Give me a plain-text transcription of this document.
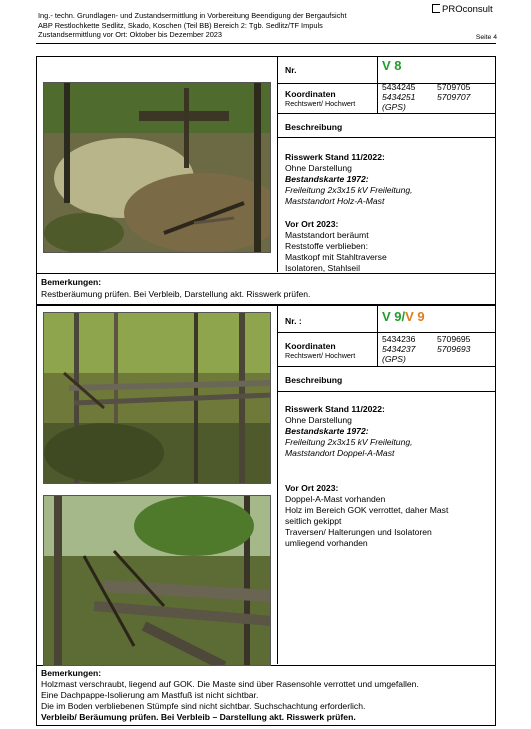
Ing.- techn. Grundlagen- und Zustandsermittlung in Vorbereitung Beendigung der Bergaufsicht
ABP Restlochkette Sedlitz, Skado, Koschen (Teil BB) Bereich 2: Tgb. Sedlitz/TF Impuls
Zustandsermittlung vor Ort: Oktober bis Dezember 2023
PROconsult
Seite 4
Nr.	V 8
Koordinaten
Rechtswert/ Hochwert
5434245	5709705
5434251	5709707
(GPS)
Beschreibung
Risswerk Stand 11/2022:
Ohne Darstellung
Bestandskarte 1972:
Freileitung 2x3x15 kV Freileitung,
Maststandort Holz-A-Mast
Vor Ort 2023:
Maststandort beräumt
Reststoffe verblieben:
Mastkopf mit Stahltraverse
Isolatoren, Stahlseil
Bemerkungen:
Restberäumung prüfen. Bei Verbleib, Darstellung akt. Risswerk prüfen.
Nr. :	V 9/V 9
Koordinaten
Rechtswert/ Hochwert
5434236	5709695
5434237	5709693
(GPS)
Beschreibung
Risswerk Stand 11/2022:
Ohne Darstellung
Bestandskarte 1972:
Freileitung 2x3x15 kV Freileitung,
Maststandort Doppel-A-Mast
Vor Ort 2023:
Doppel-A-Mast vorhanden
Holz im Bereich GOK verrottet, daher Mast
seitlich gekippt
Traversen/ Halterungen und Isolatoren
umliegend vorhanden
Bemerkungen:
Holzmast verschraubt, liegend auf GOK. Die Maste sind über Rasensohle verrottet und umgefallen.
Eine Dachpappe-Isolierung am Mastfuß ist nicht sichtbar.
Die im Boden verbliebenen Stümpfe sind nicht sichtbar. Suchschachtung erforderlich.
Verbleib/ Beräumung prüfen. Bei Verbleib – Darstellung akt. Risswerk prüfen.
